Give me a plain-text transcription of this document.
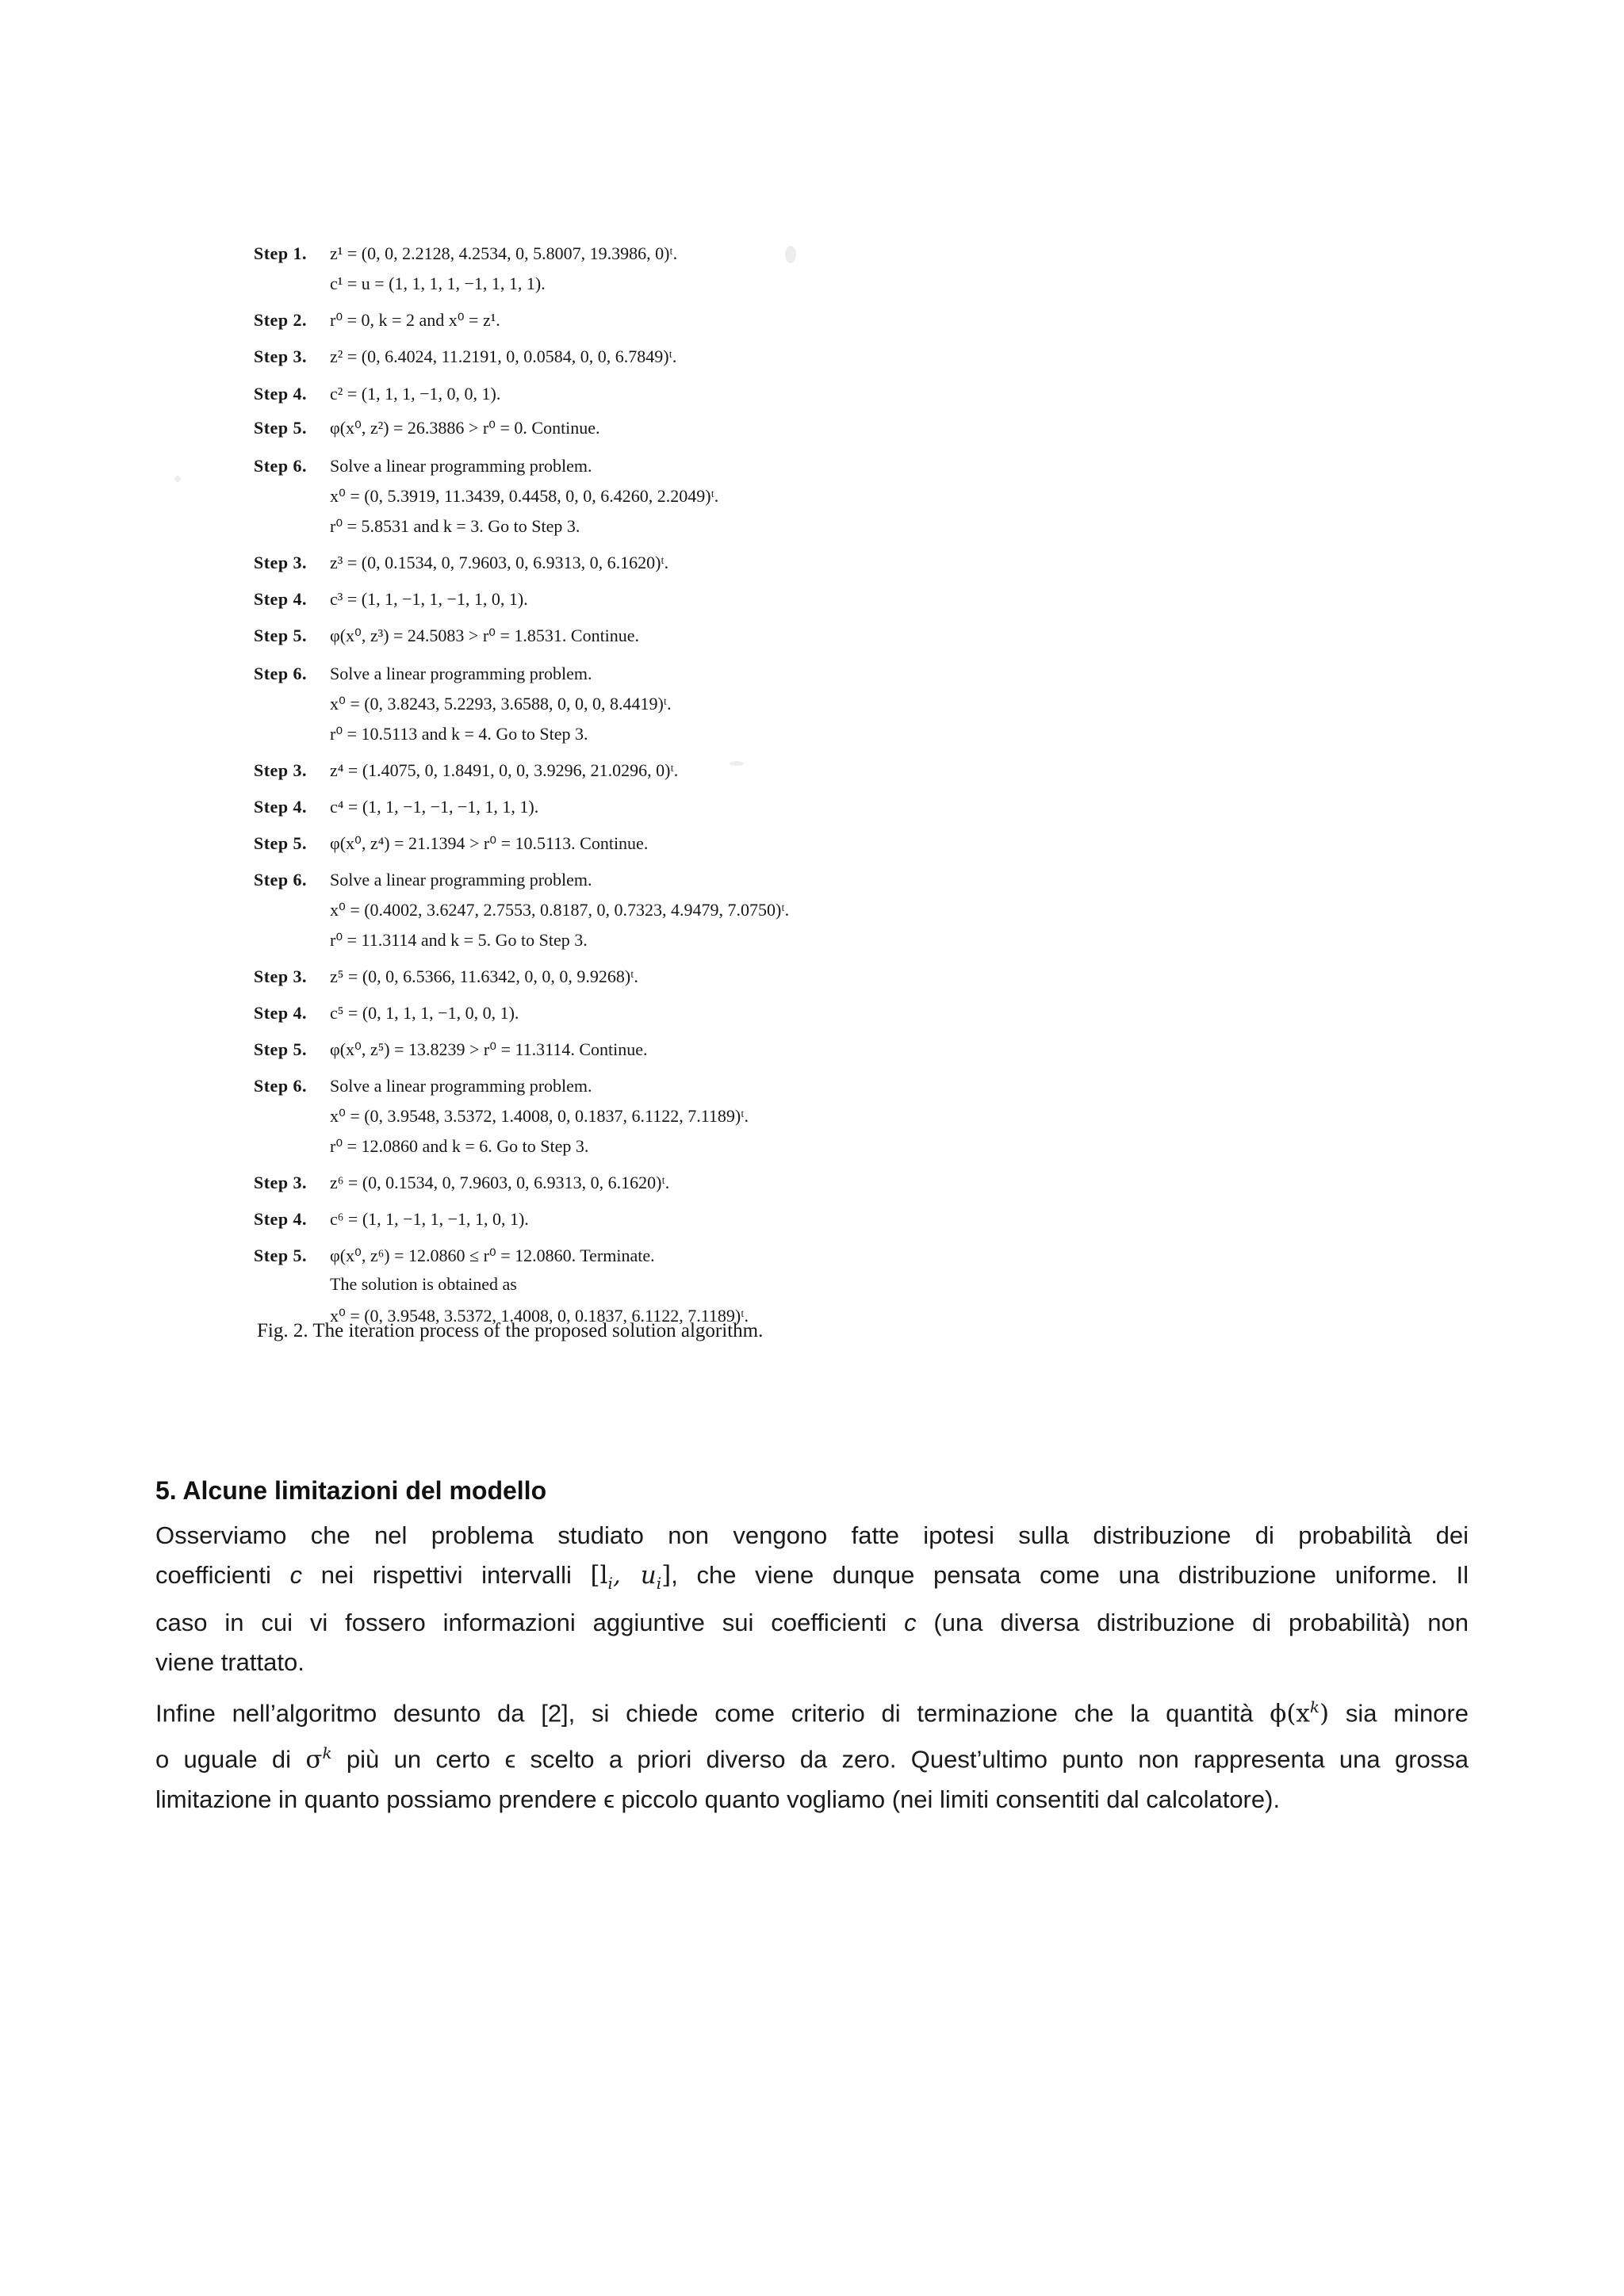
Step 1. z¹ = (0, 0, 2.2128, 4.2534, 0, 5.8007, 19.3986, 0)ᵗ.
c¹ = u = (1, 1, 1, 1, −1, 1, 1, 1).
Step 2. r⁰ = 0, k = 2 and x⁰ = z¹.
Step 3. z² = (0, 6.4024, 11.2191, 0, 0.0584, 0, 0, 6.7849)ᵗ.
Step 4. c² = (1, 1, 1, −1, 0, 0, 1).
Step 5. φ(x⁰, z²) = 26.3886 > r⁰ = 0. Continue.
Step 6. Solve a linear programming problem.
x⁰ = (0, 5.3919, 11.3439, 0.4458, 0, 0, 6.4260, 2.2049)ᵗ.
r⁰ = 5.8531 and k = 3. Go to Step 3.
Step 3. z³ = (0, 0.1534, 0, 7.9603, 0, 6.9313, 0, 6.1620)ᵗ.
Step 4. c³ = (1, 1, −1, 1, −1, 1, 0, 1).
Step 5. φ(x⁰, z³) = 24.5083 > r⁰ = 1.8531. Continue.
Step 6. Solve a linear programming problem.
x⁰ = (0, 3.8243, 5.2293, 3.6588, 0, 0, 0, 8.4419)ᵗ.
r⁰ = 10.5113 and k = 4. Go to Step 3.
Step 3. z⁴ = (1.4075, 0, 1.8491, 0, 0, 3.9296, 21.0296, 0)ᵗ.
Step 4. c⁴ = (1, 1, −1, −1, −1, 1, 1, 1).
Step 5. φ(x⁰, z⁴) = 21.1394 > r⁰ = 10.5113. Continue.
Step 6. Solve a linear programming problem.
x⁰ = (0.4002, 3.6247, 2.7553, 0.8187, 0, 0.7323, 4.9479, 7.0750)ᵗ.
r⁰ = 11.3114 and k = 5. Go to Step 3.
Step 3. z⁵ = (0, 0, 6.5366, 11.6342, 0, 0, 0, 9.9268)ᵗ.
Step 4. c⁵ = (0, 1, 1, 1, −1, 0, 0, 1).
Step 5. φ(x⁰, z⁵) = 13.8239 > r⁰ = 11.3114. Continue.
Step 6. Solve a linear programming problem.
x⁰ = (0, 3.9548, 3.5372, 1.4008, 0, 0.1837, 6.1122, 7.1189)ᵗ.
r⁰ = 12.0860 and k = 6. Go to Step 3.
Step 3. z⁶ = (0, 0.1534, 0, 7.9603, 0, 6.9313, 0, 6.1620)ᵗ.
Step 4. c⁶ = (1, 1, −1, 1, −1, 1, 0, 1).
Step 5. φ(x⁰, z⁶) = 12.0860 ≤ r⁰ = 12.0860. Terminate.
The solution is obtained as
x⁰ = (0, 3.9548, 3.5372, 1.4008, 0, 0.1837, 6.1122, 7.1189)ᵗ.
Fig. 2. The iteration process of the proposed solution algorithm.
5. Alcune limitazioni del modello
Osserviamo che nel problema studiato non vengono fatte ipotesi sulla distribuzione di probabilità dei
coefficienti c nei rispettivi intervalli [$l_i$, $u_i$], che viene dunque pensata come una distribuzione uniforme. Il
caso in cui vi fossero informazioni aggiuntive sui coefficienti c (una diversa distribuzione di probabilità) non
viene trattato.
Infine nell’algoritmo desunto da [2], si chiede come criterio di terminazione che la quantità $\phi(x^k)$ sia minore
o uguale di $\sigma^k$ più un certo ϵ scelto a priori diverso da zero. Quest’ultimo punto non rappresenta una grossa
limitazione in quanto possiamo prendere ϵ piccolo quanto vogliamo (nei limiti consentiti dal calcolatore).
